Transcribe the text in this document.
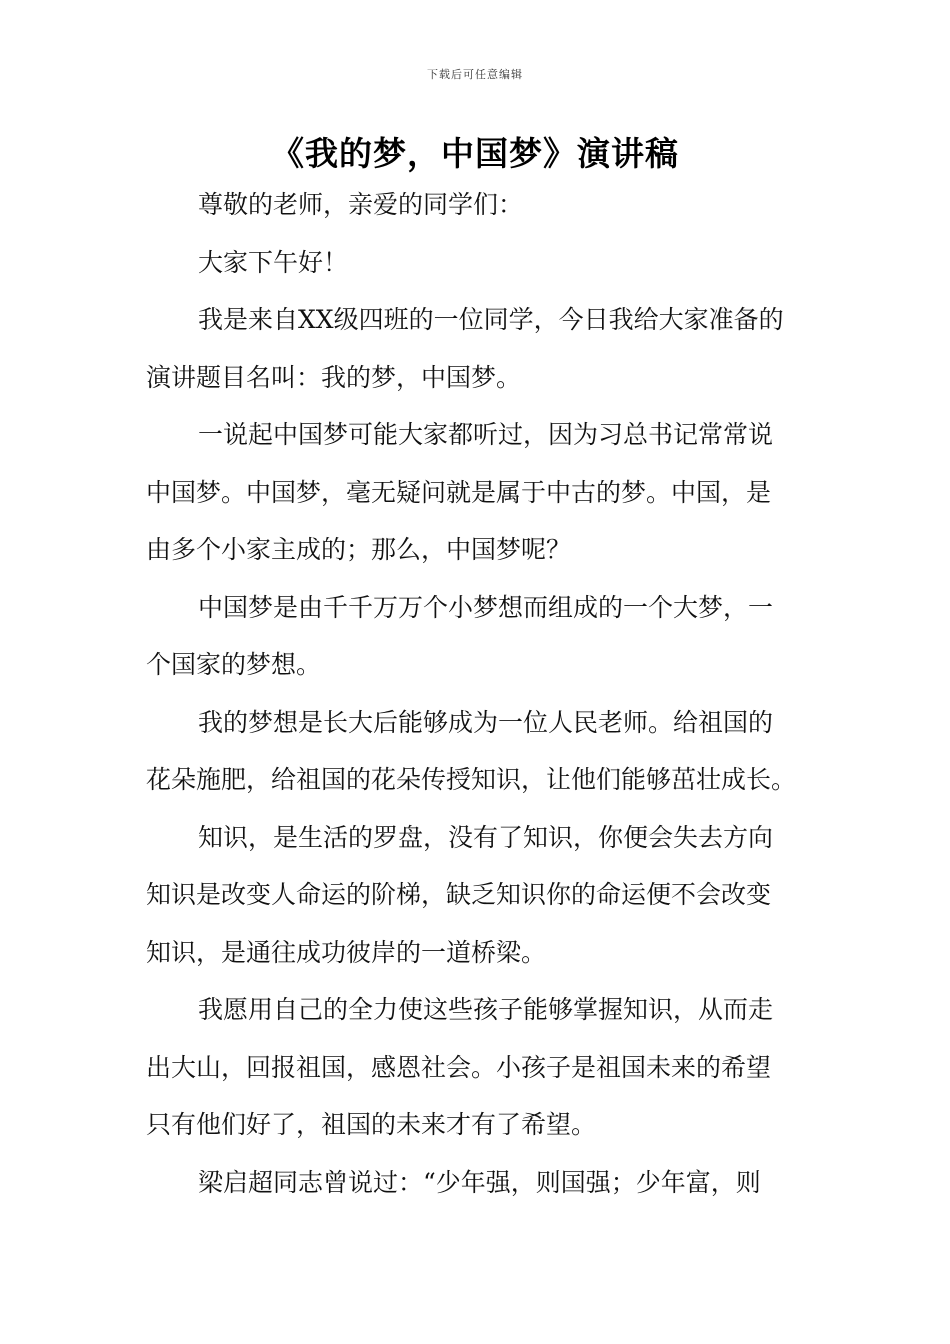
下载后可任意编辑
《我的梦，中国梦》演讲稿
尊敬的老师，亲爱的同学们：
大家下午好！
我是来自XX级四班的一位同学，今日我给大家准备的
演讲题目名叫：我的梦，中国梦。
一说起中国梦可能大家都听过，因为习总书记常常说
中国梦。中国梦，毫无疑问就是属于中古的梦。中国，是
由多个小家主成的；那么，中国梦呢？
中国梦是由千千万万个小梦想而组成的一个大梦，一
个国家的梦想。
我的梦想是长大后能够成为一位人民老师。给祖国的
花朵施肥，给祖国的花朵传授知识，让他们能够茁壮成长。
知识，是生活的罗盘，没有了知识，你便会失去方向
知识是改变人命运的阶梯，缺乏知识你的命运便不会改变
知识，是通往成功彼岸的一道桥梁。
我愿用自己的全力使这些孩子能够掌握知识，从而走
出大山，回报祖国，感恩社会。小孩子是祖国未来的希望
只有他们好了，祖国的未来才有了希望。
梁启超同志曾说过：“少年强，则国强；少年富，则
